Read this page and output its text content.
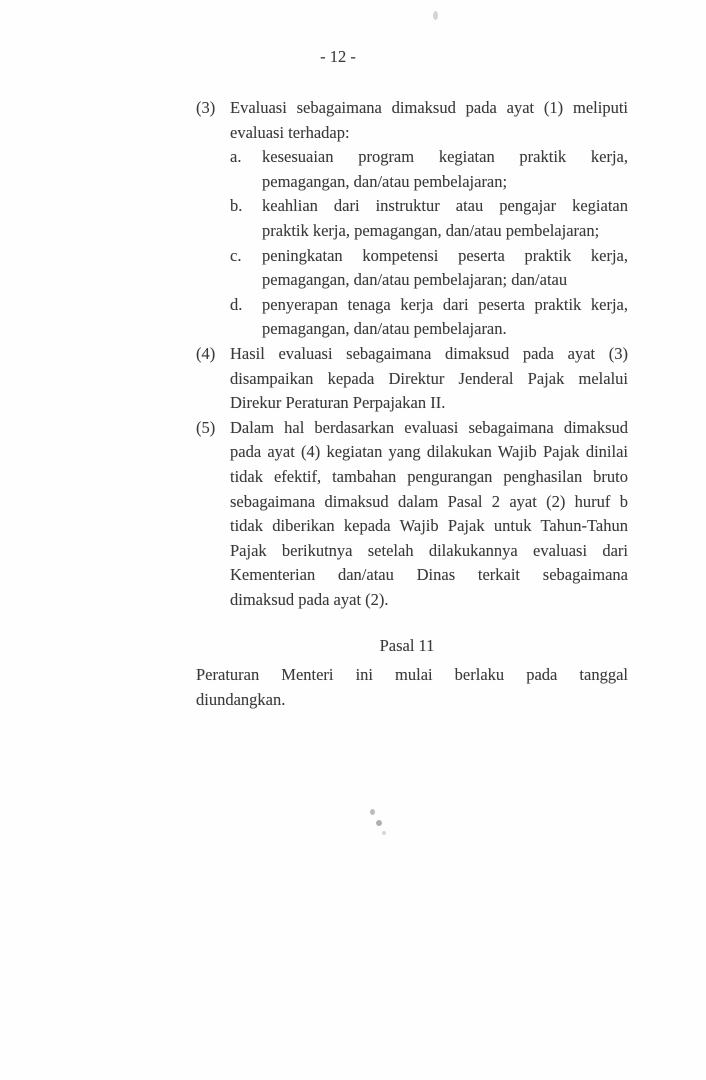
- 12 -
(3) Evaluasi sebagaimana dimaksud pada ayat (1) meliputi
evaluasi terhadap:
a. kesesuaian program kegiatan praktik kerja,
pemagangan, dan/atau pembelajaran;
b. keahlian dari instruktur atau pengajar kegiatan
praktik kerja, pemagangan, dan/atau pembelajaran;
c. peningkatan kompetensi peserta praktik kerja,
pemagangan, dan/atau pembelajaran; dan/atau
d. penyerapan tenaga kerja dari peserta praktik kerja,
pemagangan, dan/atau pembelajaran.
(4) Hasil evaluasi sebagaimana dimaksud pada ayat (3)
disampaikan kepada Direktur Jenderal Pajak melalui
Direkur Peraturan Perpajakan II.
(5) Dalam hal berdasarkan evaluasi sebagaimana dimaksud
pada ayat (4) kegiatan yang dilakukan Wajib Pajak dinilai
tidak efektif, tambahan pengurangan penghasilan bruto
sebagaimana dimaksud dalam Pasal 2 ayat (2) huruf b
tidak diberikan kepada Wajib Pajak untuk Tahun-Tahun
Pajak berikutnya setelah dilakukannya evaluasi dari
Kementerian dan/atau Dinas terkait sebagaimana
dimaksud pada ayat (2).
Pasal 11
Peraturan Menteri ini mulai berlaku pada tanggal
diundangkan.
